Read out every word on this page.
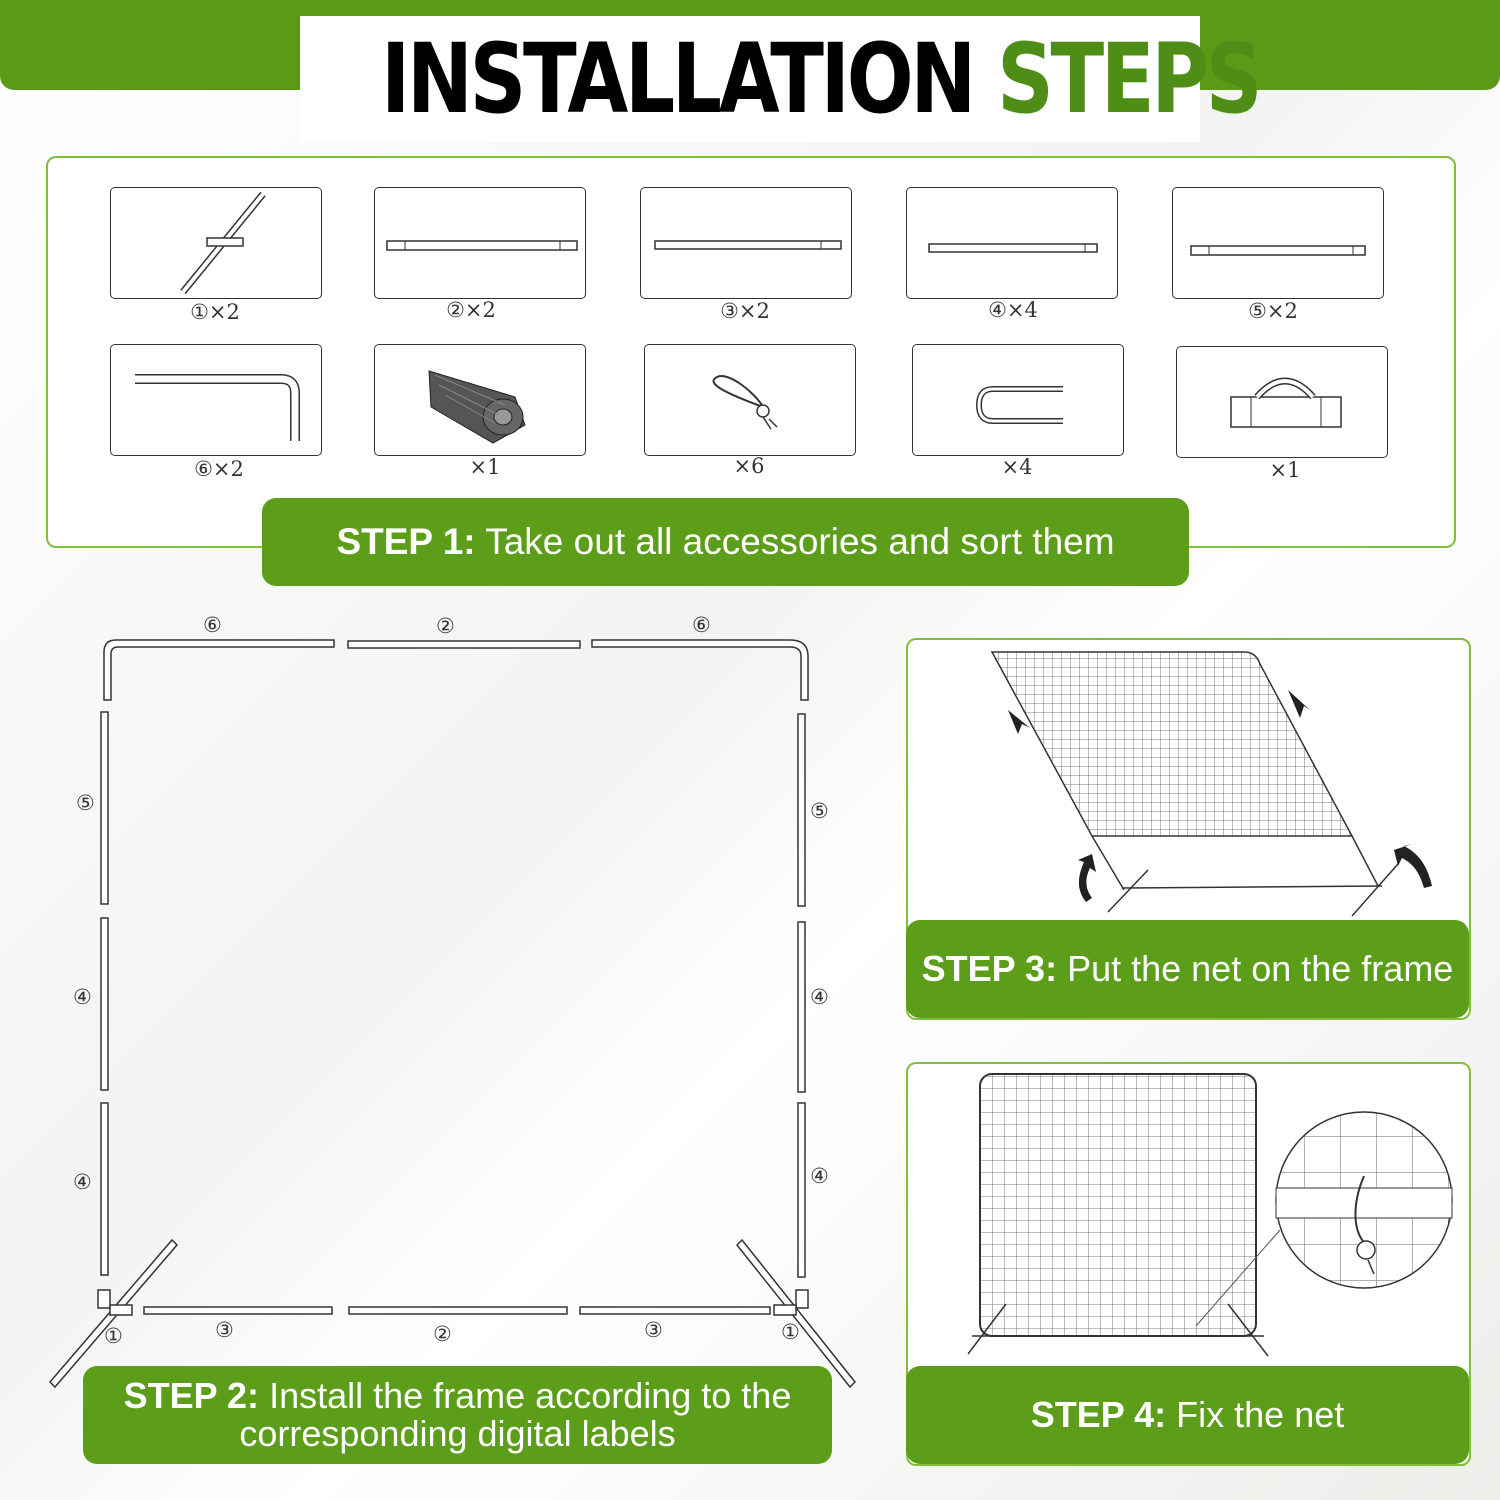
INSTALLATION STEPS
①×2	②×2	③×2	④×4	⑤×2
⑥×2	×1	×6	×4	×1
STEP 1: Take out all accessories and sort them
⑥	②	⑥
⑤
④
④
⑤
④
④
①	③	②	③	①
STEP 2: Install the frame according to the
corresponding digital labels
STEP 3: Put the net on the frame
STEP 4: Fix the net
